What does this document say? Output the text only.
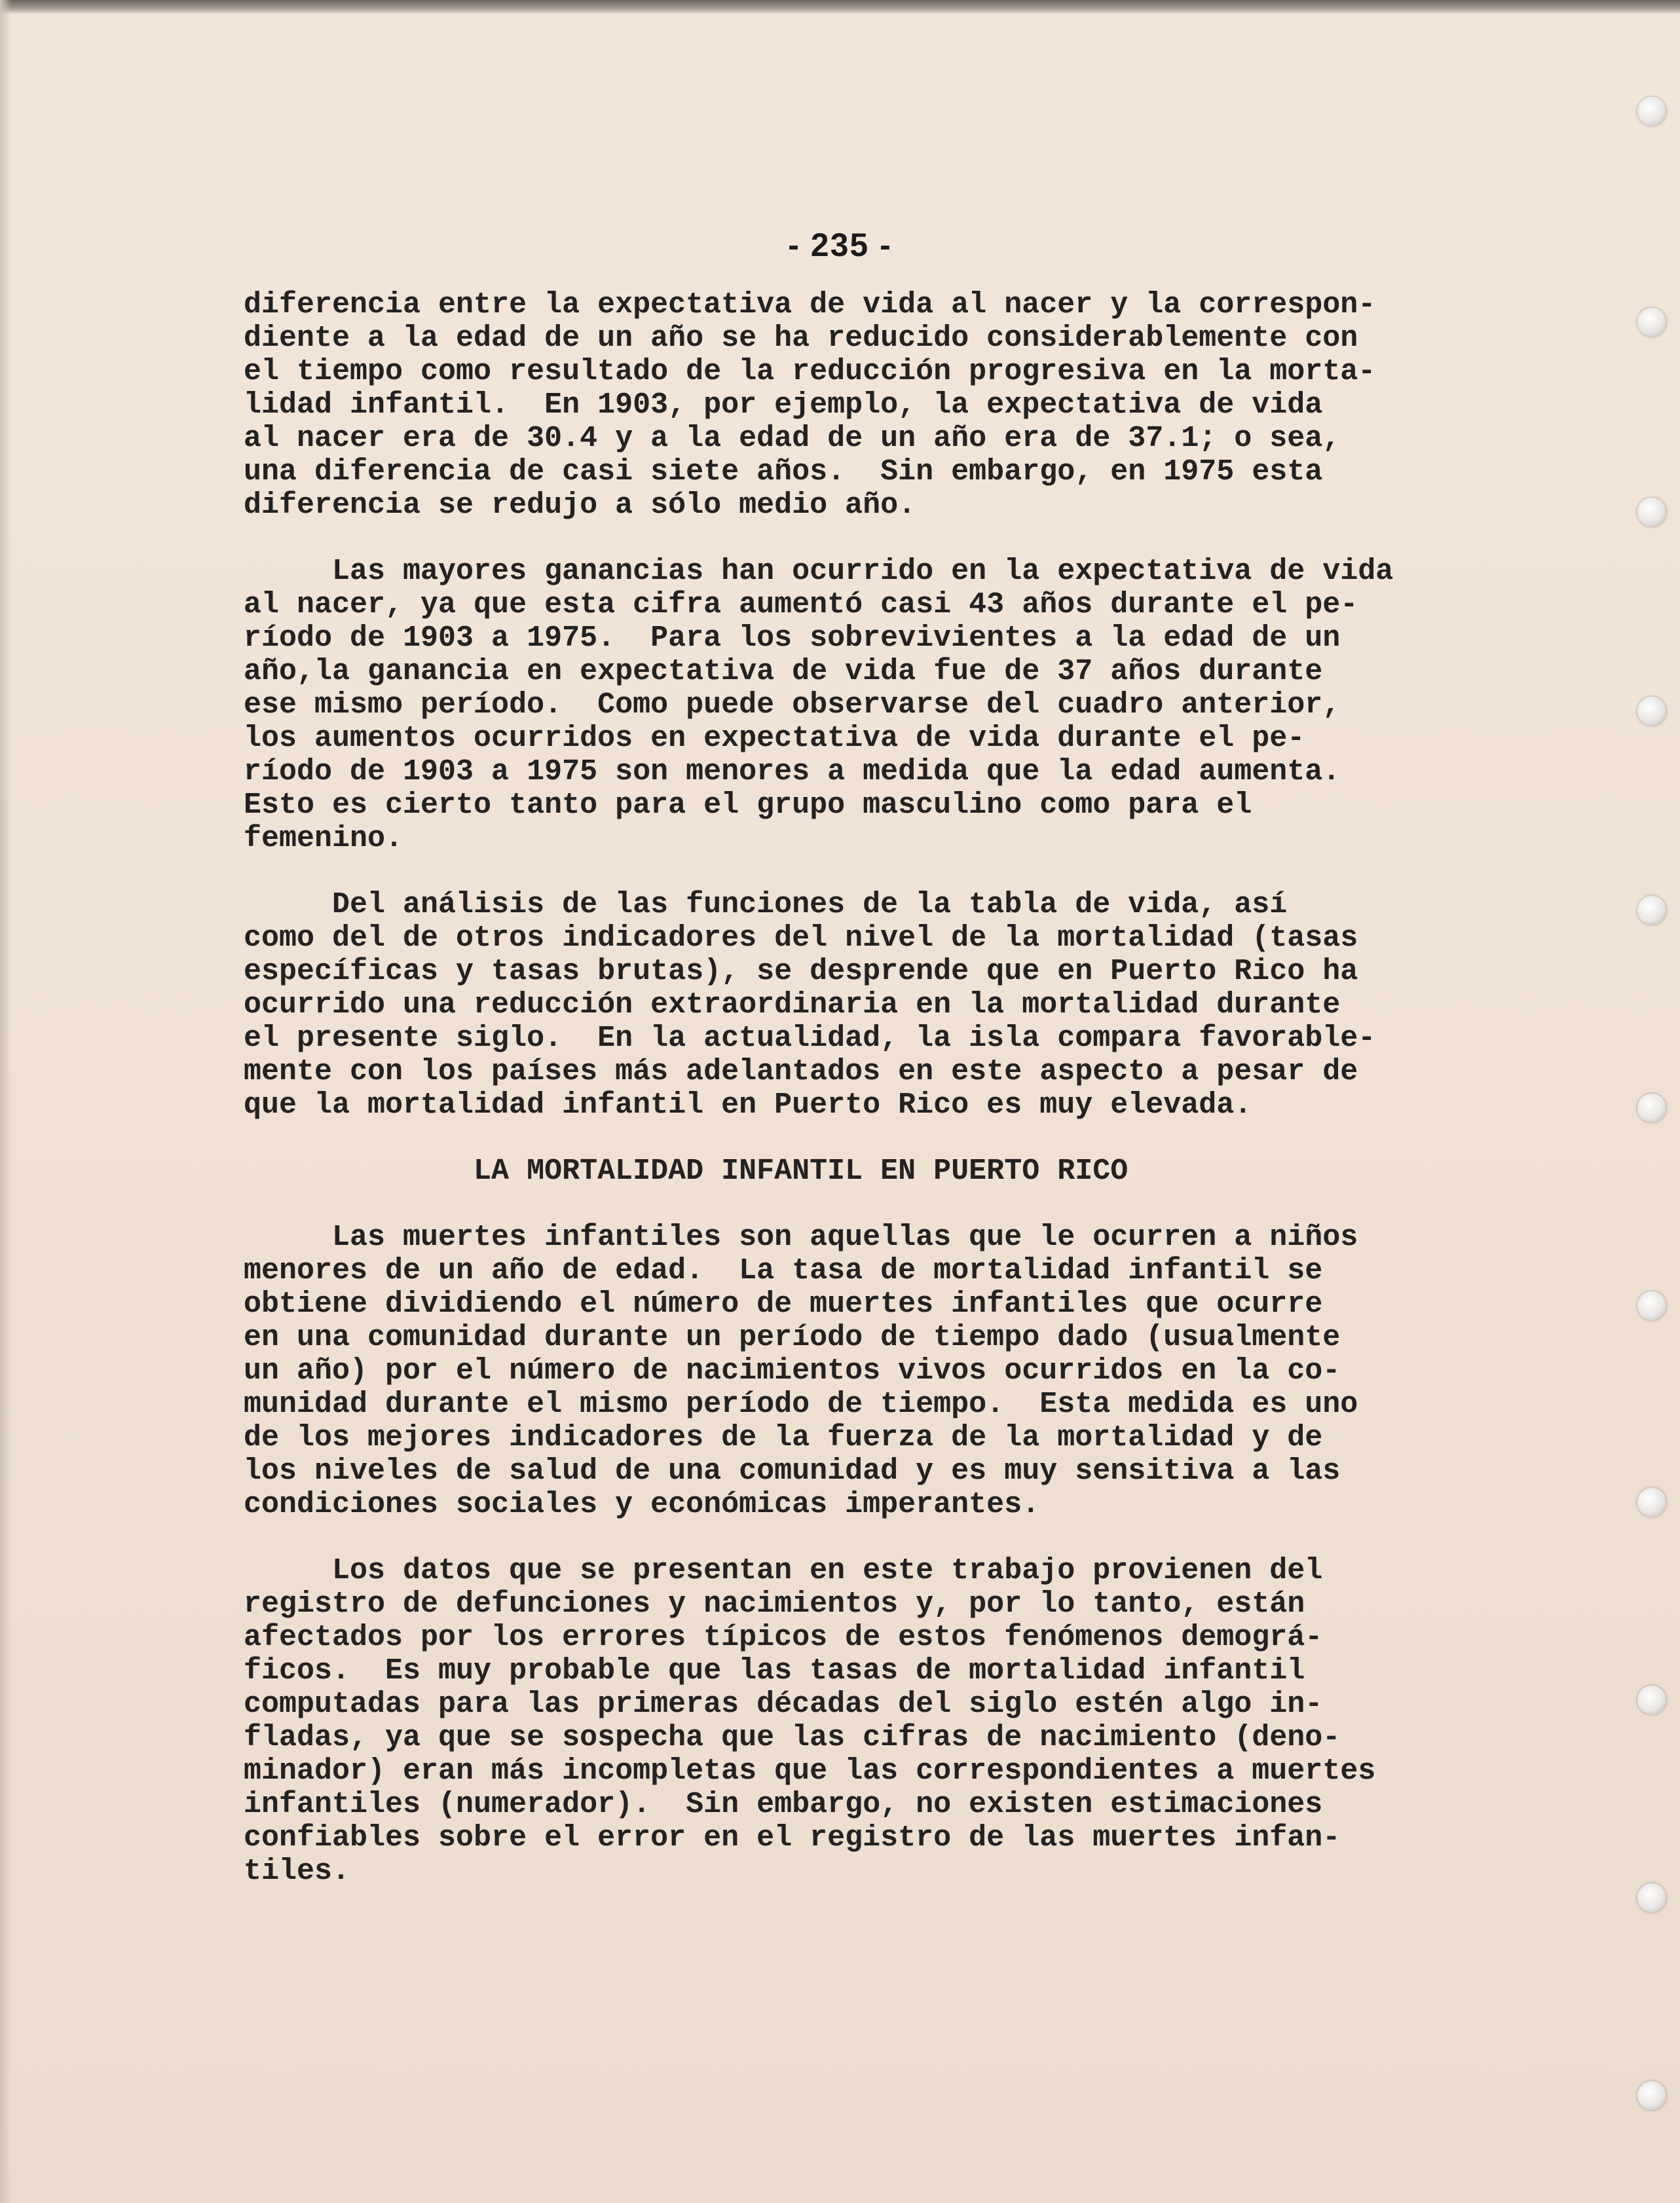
- 235 -

diferencia entre la expectativa de vida al nacer y la correspon-
diente a la edad de un año se ha reducido considerablemente con
el tiempo como resultado de la reducción progresiva en la morta-
lidad infantil.  En 1903, por ejemplo, la expectativa de vida
al nacer era de 30.4 y a la edad de un año era de 37.1; o sea,
una diferencia de casi siete años.  Sin embargo, en 1975 esta
diferencia se redujo a sólo medio año.

Las mayores ganancias han ocurrido en la expectativa de vida
al nacer, ya que esta cifra aumentó casi 43 años durante el pe-
ríodo de 1903 a 1975.  Para los sobrevivientes a la edad de un
año,la ganancia en expectativa de vida fue de 37 años durante
ese mismo período.  Como puede observarse del cuadro anterior,
los aumentos ocurridos en expectativa de vida durante el pe-
ríodo de 1903 a 1975 son menores a medida que la edad aumenta.
Esto es cierto tanto para el grupo masculino como para el
femenino.

Del análisis de las funciones de la tabla de vida, así
como del de otros indicadores del nivel de la mortalidad (tasas
específicas y tasas brutas), se desprende que en Puerto Rico ha
ocurrido una reducción extraordinaria en la mortalidad durante
el presente siglo.  En la actualidad, la isla compara favorable-
mente con los países más adelantados en este aspecto a pesar de
que la mortalidad infantil en Puerto Rico es muy elevada.

LA MORTALIDAD INFANTIL EN PUERTO RICO

Las muertes infantiles son aquellas que le ocurren a niños
menores de un año de edad.  La tasa de mortalidad infantil se
obtiene dividiendo el número de muertes infantiles que ocurre
en una comunidad durante un período de tiempo dado (usualmente
un año) por el número de nacimientos vivos ocurridos en la co-
munidad durante el mismo período de tiempo.  Esta medida es uno
de los mejores indicadores de la fuerza de la mortalidad y de
los niveles de salud de una comunidad y es muy sensitiva a las
condiciones sociales y económicas imperantes.

Los datos que se presentan en este trabajo provienen del
registro de defunciones y nacimientos y, por lo tanto, están
afectados por los errores típicos de estos fenómenos demográ-
ficos.  Es muy probable que las tasas de mortalidad infantil
computadas para las primeras décadas del siglo estén algo in-
fladas, ya que se sospecha que las cifras de nacimiento (deno-
minador) eran más incompletas que las correspondientes a muertes
infantiles (numerador).  Sin embargo, no existen estimaciones
confiables sobre el error en el registro de las muertes infan-
tiles.
